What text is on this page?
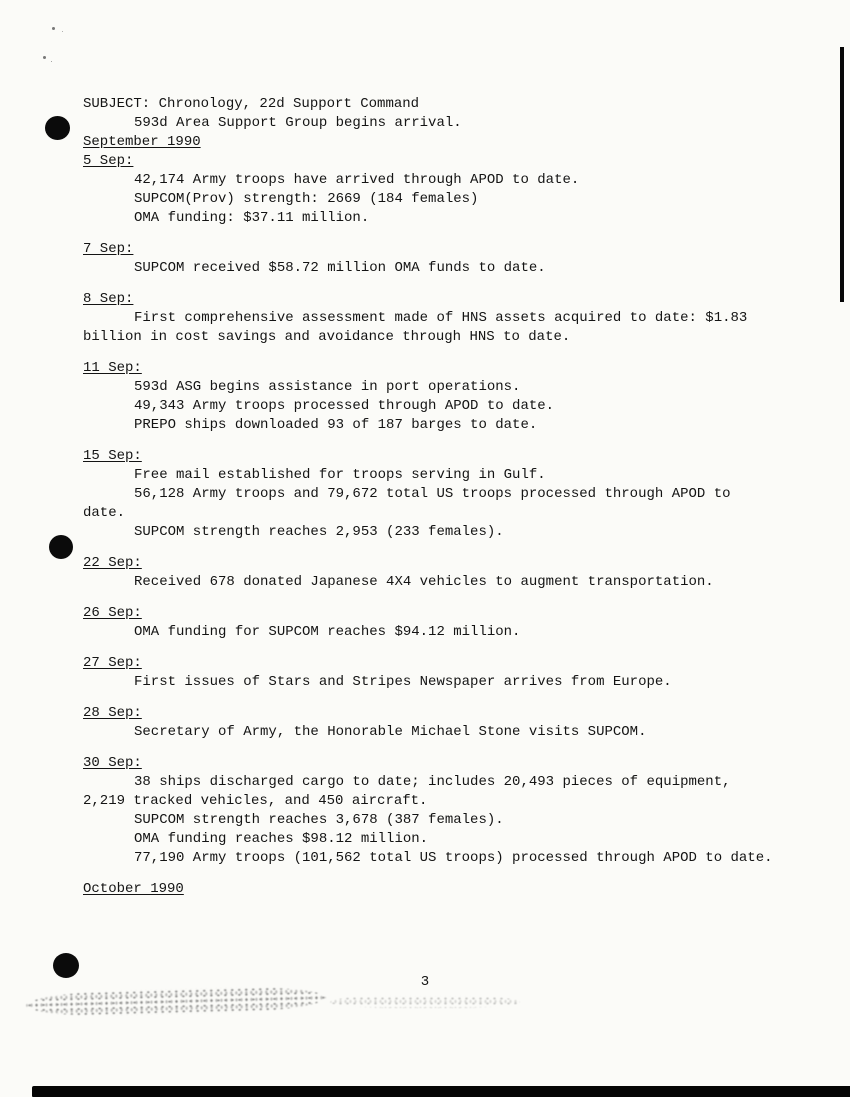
SUBJECT: Chronology, 22d Support Command

593d Area Support Group begins arrival.

September 1990

5 Sep:

42,174 Army troops have arrived through APOD to date.

SUPCOM(Prov) strength: 2669 (184 females)

OMA funding: $37.11 million.

7 Sep:

SUPCOM received $58.72 million OMA funds to date.

8 Sep:

First comprehensive assessment made of HNS assets acquired to date: $1.83 billion in cost savings and avoidance through HNS to date.

11 Sep:

593d ASG begins assistance in port operations.

49,343 Army troops processed through APOD to date.

PREPO ships downloaded 93 of 187 barges to date.

15 Sep:

Free mail established for troops serving in Gulf.

56,128 Army troops and 79,672 total US troops processed through APOD to date.

SUPCOM strength reaches 2,953 (233 females).

22 Sep:

Received 678 donated Japanese 4X4 vehicles to augment transportation.

26 Sep:

OMA funding for SUPCOM reaches $94.12 million.

27 Sep:

First issues of Stars and Stripes Newspaper arrives from Europe.

28 Sep:

Secretary of Army, the Honorable Michael Stone visits SUPCOM.

30 Sep:

38 ships discharged cargo to date; includes 20,493 pieces of equipment, 2,219 tracked vehicles, and 450 aircraft.

SUPCOM strength reaches 3,678 (387 females).

OMA funding reaches $98.12 million.

77,190 Army troops (101,562 total US troops) processed through APOD to date.

October 1990

3
